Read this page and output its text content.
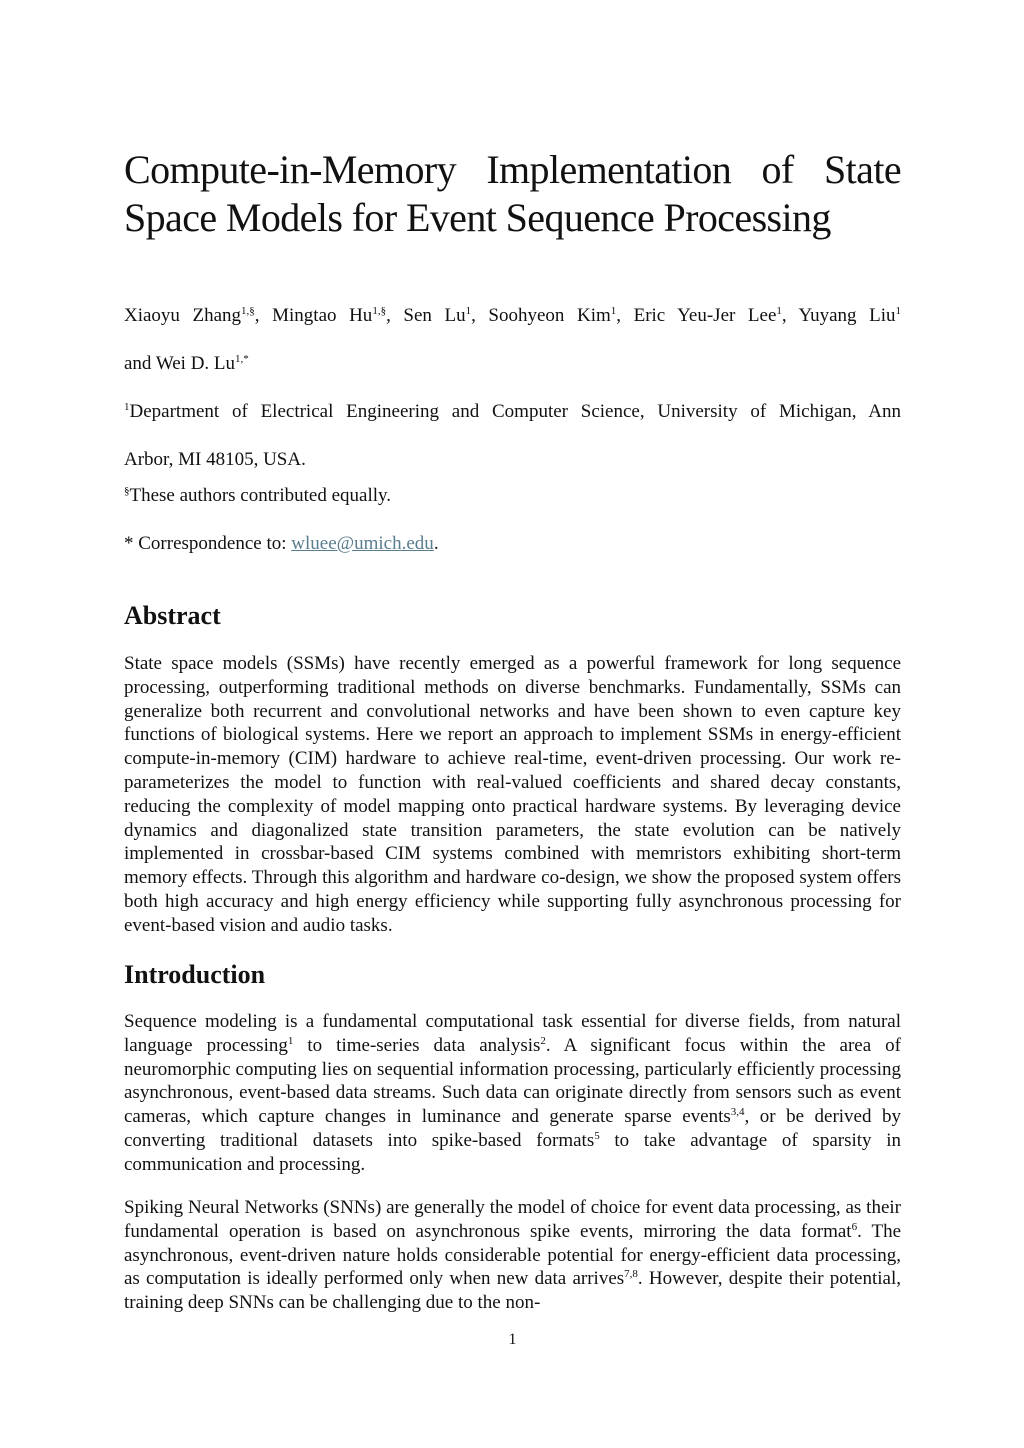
Compute-in-Memory Implementation of State
Space Models for Event Sequence Processing

Xiaoyu Zhang$^{1,\S}$, Mingtao $Hu^{1,\S}$, Sen Lu$^1$, Soohyeon Kim$^1$, Eric Yeu-Jer Lee$^1$, Yuyang Liu$^1$
and Wei D. $Lu^{1,*}$

$^1$Department of Electrical Engineering and Computer Science, University of Michigan, Ann
Arbor, MI 48105, USA.

§These authors contributed equally.

* Correspondence to: wluee@umich.edu.

Abstract

State space models (SSMs) have recently emerged as a powerful framework for long sequence processing, outperforming traditional methods on diverse benchmarks. Fundamentally, SSMs can generalize both recurrent and convolutional networks and have been shown to even capture key functions of biological systems. Here we report an approach to implement SSMs in energy-efficient compute-in-memory (CIM) hardware to achieve real-time, event-driven processing. Our work re-parameterizes the model to function with real-valued coefficients and shared decay constants, reducing the complexity of model mapping onto practical hardware systems. By leveraging device dynamics and diagonalized state transition parameters, the state evolution can be natively implemented in crossbar-based CIM systems combined with memristors exhibiting short-term memory effects. Through this algorithm and hardware co-design, we show the proposed system offers both high accuracy and high energy efficiency while supporting fully asynchronous processing for event-based vision and audio tasks.

Introduction

Sequence modeling is a fundamental computational task essential for diverse fields, from natural language processing$^1$ to time-series data analysis$^2$. A significant focus within the area of neuromorphic computing lies on sequential information processing, particularly efficiently processing asynchronous, event-based data streams. Such data can originate directly from sensors such as event cameras, which capture changes in luminance and generate sparse events$^{3,4}$, or be derived by converting traditional datasets into spike-based formats$^5$ to take advantage of sparsity in communication and processing.

Spiking Neural Networks (SNNs) are generally the model of choice for event data processing, as their fundamental operation is based on asynchronous spike events, mirroring the data format$^6$. The asynchronous, event-driven nature holds considerable potential for energy-efficient data processing, as computation is ideally performed only when new data arrives$^{7,8}$. However, despite their potential, training deep SNNs can be challenging due to the non-

1
